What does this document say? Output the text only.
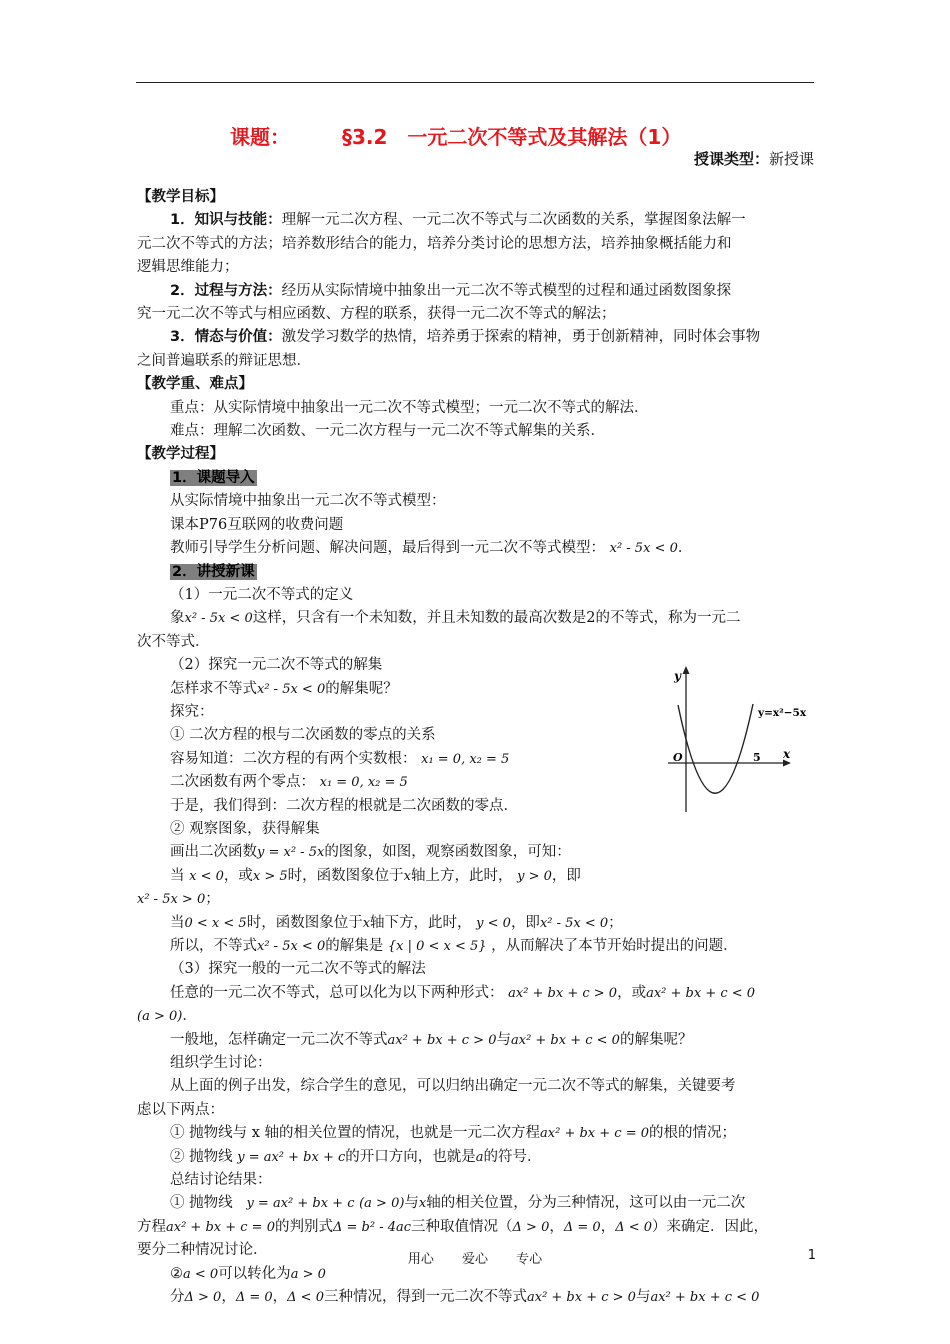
课题：	§3.2　一元二次不等式及其解法（1）
授课类型：新授课

【教学目标】

1．知识与技能：理解一元二次方程、一元二次不等式与二次函数的关系，掌握图象法解一

元二次不等式的方法；培养数形结合的能力，培养分类讨论的思想方法，培养抽象概括能力和

逻辑思维能力；

2．过程与方法：经历从实际情境中抽象出一元二次不等式模型的过程和通过函数图象探

究一元二次不等式与相应函数、方程的联系，获得一元二次不等式的解法；

3．情态与价值：激发学习数学的热情，培养勇于探索的精神，勇于创新精神，同时体会事物

之间普遍联系的辩证思想．

【教学重、难点】

重点：从实际情境中抽象出一元二次不等式模型；一元二次不等式的解法．

难点：理解二次函数、一元二次方程与一元二次不等式解集的关系．

【教学过程】

1．课题导入

从实际情境中抽象出一元二次不等式模型：

课本P76互联网的收费问题

教师引导学生分析问题、解决问题，最后得到一元二次不等式模型： x² - 5x < 0．

2．讲授新课

（1）一元二次不等式的定义

象x² - 5x < 0这样，只含有一个未知数，并且未知数的最高次数是2的不等式，称为一元二

次不等式．

（2）探究一元二次不等式的解集

怎样求不等式x² - 5x < 0的解集呢？

探究：

① 二次方程的根与二次函数的零点的关系

容易知道：二次方程的有两个实数根： x₁ = 0, x₂ = 5

二次函数有两个零点： x₁ = 0, x₂ = 5

于是，我们得到：二次方程的根就是二次函数的零点．

② 观察图象，获得解集

画出二次函数y = x² - 5x的图象，如图，观察函数图象，可知：

当 x < 0，或x > 5时，函数图象位于x轴上方，此时， y > 0，即

x² - 5x > 0；

当0 < x < 5时，函数图象位于x轴下方，此时， y < 0，即x² - 5x < 0；

所以，不等式x² - 5x < 0的解集是 {x | 0 < x < 5} ，从而解决了本节开始时提出的问题．

（3）探究一般的一元二次不等式的解法

任意的一元二次不等式，总可以化为以下两种形式： ax² + bx + c > 0，或ax² + bx + c < 0

(a > 0)．

一般地，怎样确定一元二次不等式ax² + bx + c > 0与ax² + bx + c < 0的解集呢？

组织学生讨论：

从上面的例子出发，综合学生的意见，可以归纳出确定一元二次不等式的解集，关键要考

虑以下两点：

① 抛物线与 x 轴的相关位置的情况，也就是一元二次方程ax² + bx + c = 0的根的情况；

② 抛物线 y = ax² + bx + c的开口方向，也就是a的符号．

总结讨论结果：

① 抛物线 y = ax² + bx + c (a > 0)与x轴的相关位置，分为三种情况，这可以由一元二次

方程ax² + bx + c = 0的判别式Δ = b² - 4ac三种取值情况（Δ > 0，Δ = 0，Δ < 0）来确定．因此，

要分二种情况讨论．

②a < 0可以转化为a > 0

分Δ > 0，Δ = 0，Δ < 0三种情况，得到一元二次不等式ax² + bx + c > 0与ax² + bx + c < 0

y
x
O	5
y=x²−5x
用心 爱心 专心	1
